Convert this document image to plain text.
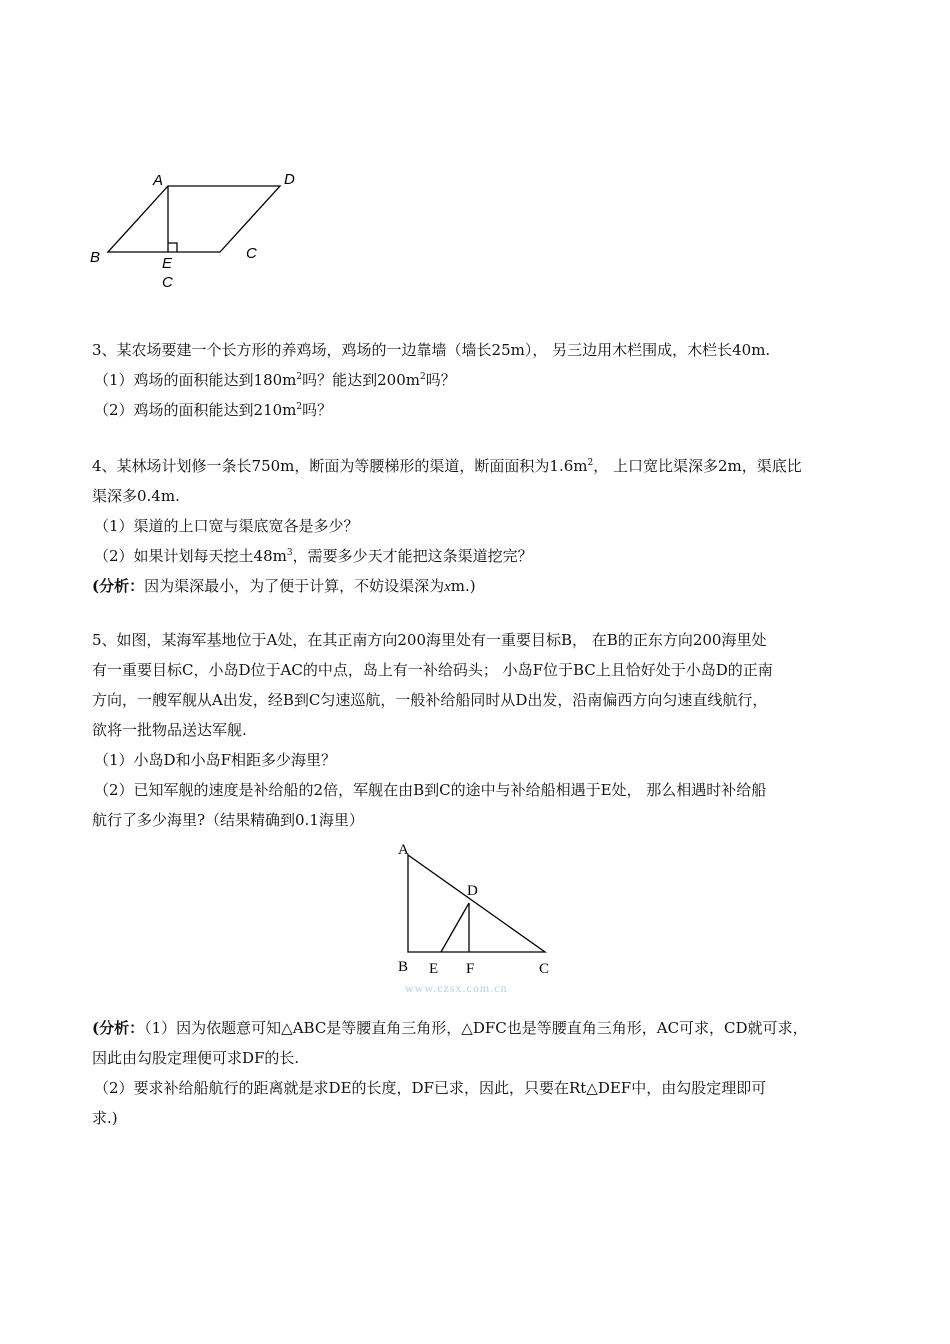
A	D
B	C
E
C

3、某农场要建一个长方形的养鸡场，鸡场的一边靠墙（墙长25m）， 另三边用木栏围成，木栏长40m.

（1）鸡场的面积能达到$180m^2$吗？能达到$200m^2$吗？

（2）鸡场的面积能达到$210m^2$吗？

4、某林场计划修一条长750m，断面为等腰梯形的渠道，断面面积为$1.6m^2$， 上口宽比渠深多2m，渠底比

渠深多0.4m.

（1）渠道的上口宽与渠底宽各是多少？

（2）如果计划每天挖土$48m^3$，需要多少天才能把这条渠道挖完？

(分析：因为渠深最小，为了便于计算，不妨设渠深为xm.)

5、如图，某海军基地位于A处，在其正南方向200海里处有一重要目标B， 在B的正东方向200海里处

有一重要目标C，小岛D位于AC的中点，岛上有一补给码头； 小岛F位于BC上且恰好处于小岛D的正南

方向，一艘军舰从A出发，经B到C匀速巡航，一般补给船同时从D出发，沿南偏西方向匀速直线航行，

欲将一批物品送达军舰.

（1）小岛D和小岛F相距多少海里？

（2）已知军舰的速度是补给船的2倍，军舰在由B到C的途中与补给船相遇于E处， 那么相遇时补给船

航行了多少海里?（结果精确到0.1海里）

A
D
B E F	C
www.czsx.com.cn

(分析：（1）因为依题意可知△ABC是等腰直角三角形，△DFC也是等腰直角三角形，AC可求，CD就可求，

因此由勾股定理便可求DF的长.

（2）要求补给船航行的距离就是求DE的长度，DF已求，因此，只要在Rt△DEF中，由勾股定理即可

求.)
